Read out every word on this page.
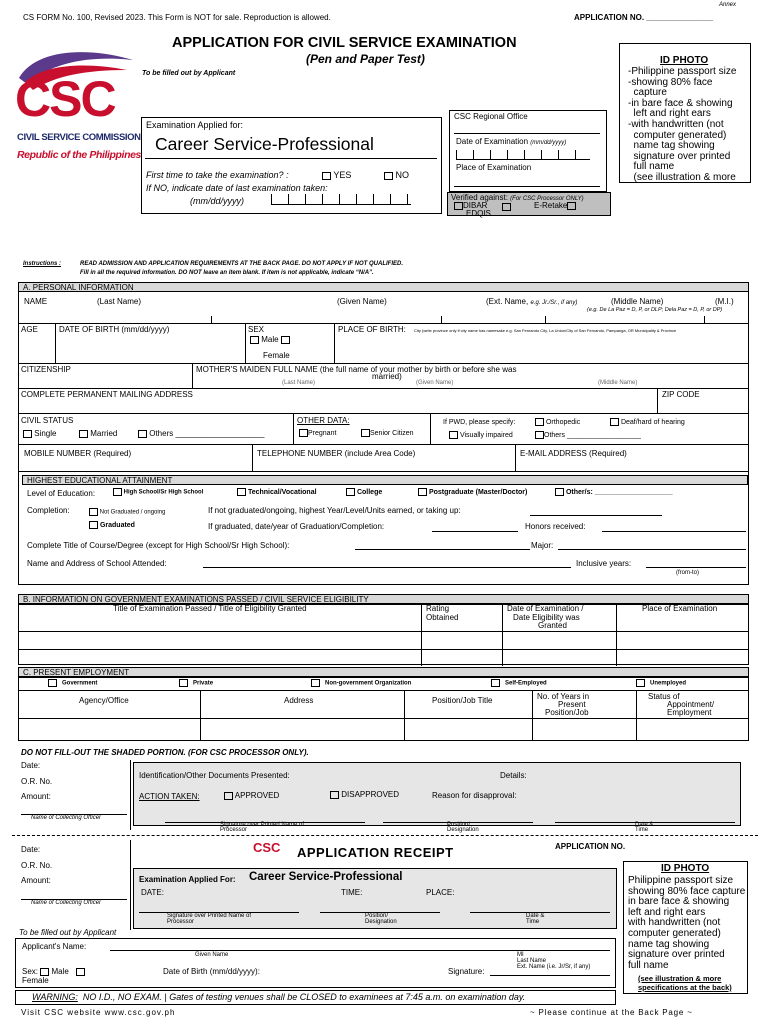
Annex
CS FORM No. 100, Revised 2023. This Form is NOT for sale. Reproduction is allowed.	APPLICATION NO. _______________
APPLICATION FOR CIVIL SERVICE EXAMINATION
(Pen and Paper Test)
To be filled out by Applicant
CSC
CIVIL SERVICE COMMISSION
Republic of the Philippines
ID PHOTO
-Philippine passport size
-showing 80% face
capture
-in bare face & showing
left and right ears
-with handwritten (not
computer generated)
name tag showing
signature over printed
full name
(see illustration & more
Examination Applied for:
Career Service-Professional
First time to take the examination? :	YES	NO
If NO, indicate date of last examination taken:
(mm/dd/yyyy)
CSC Regional Office
Date of Examination (mm/dd/yyyy)
Place of Examination
Verified against: (For CSC Processor ONLY)
DIBAR
EDQIS
E-Retake
Instructions :	READ ADMISSION AND APPLICATION REQUIREMENTS AT THE BACK PAGE. DO NOT APPLY IF NOT QUALIFIED.
Fill in all the required information. DO NOT leave an item blank. If item is not applicable, indicate “N/A”.
A. PERSONAL INFORMATION
NAME	(Last Name)	(Given Name)	(Ext. Name, e.g. Jr./Sr., if any)	(Middle Name)	(M.I.)
(e.g. De La Paz = D, P, or DLP; Dela Paz = D, P, or DP)
AGE	DATE OF BIRTH (mm/dd/yyyy)	SEX
Male
Female
PLACE OF BIRTH: City (write province only if city name has namesake e.g. San Fernando City, La Union/City of San Fernando, Pampanga, OR Municipality & Province
CITIZENSHIP	MOTHER'S MAIDEN FULL NAME (the full name of your mother by birth or before she was
married)
(Last Name)	(Given Name)	(Middle Name)
COMPLETE PERMANENT MAILING ADDRESS	ZIP CODE
CIVIL STATUS
Single	Married	Others ____________________
OTHER DATA:
Pregnant	Senior Citizen
If PWD, please specify:	Orthopedic	Deaf/hard of hearing
Visually impaired	Others ___________________
MOBILE NUMBER (Required)	TELEPHONE NUMBER (include Area Code)	E-MAIL ADDRESS (Required)
HIGHEST EDUCATIONAL ATTAINMENT
Level of Education:	High School/Sr High School	Technical/Vocational	College	Postgraduate (Master/Doctor)	Other/s: ____________________
Completion:	Not Graduated / ongoing
Graduated
If not graduated/ongoing, highest Year/Level/Units earned, or taking up:
If graduated, date/year of Graduation/Completion:	Honors received:
Complete Title of Course/Degree (except for High School/Sr High School):	Major:
Name and Address of School Attended:	Inclusive years:
(from-to)
B. INFORMATION ON GOVERNMENT EXAMINATIONS PASSED / CIVIL SERVICE ELIGIBILITY
Title of Examination Passed / Title of Eligibility Granted	Rating
Obtained
Date of Examination /
Date Eligibility was
Granted
Place of Examination
C. PRESENT EMPLOYMENT
Government	Private	Non-government Organization	Self-Employed	Unemployed
Agency/Office	Address	Position/Job Title	No. of Years in
Present
Position/Job
Status of
Appointment/
Employment
DO NOT FILL-OUT THE SHADED PORTION. (FOR CSC PROCESSOR ONLY).
Date:
O.R. No.
Amount:
Name of Collecting Officer
Identification/Other Documents Presented:	Details:
ACTION TAKEN:	APPROVED	DISAPPROVED	Reason for disapproval:
Signature over Printed Name of
Processor
Position/
Designation
Date &
Time
Date:
O.R. No.
Amount:
Name of Collecting Officer
CSC	APPLICATION RECEIPT	APPLICATION NO.
Examination Applied For: Career Service-Professional
DATE:	TIME:	PLACE:
Signature over Printed Name of
Processor
Position/
Designation
Date &
Time
ID PHOTO
Philippine passport size
showing 80% face capture
in bare face & showing
left and right ears
with handwritten (not
computer generated)
name tag showing
signature over printed
full name
(see illustration & more
specifications at the back)
To be filled out by Applicant
Applicant's Name:
Given Name	MI
Last Name
Ext. Name (i.e. Jr/Sr, if any)
Sex: Male
Female
Date of Birth (mm/dd/yyyy):	Signature:
WARNING: NO I.D., NO EXAM. | Gates of testing venues shall be CLOSED to examinees at 7:45 a.m. on examination day.
Visit CSC website www.csc.gov.ph	~ Please continue at the Back Page ~
